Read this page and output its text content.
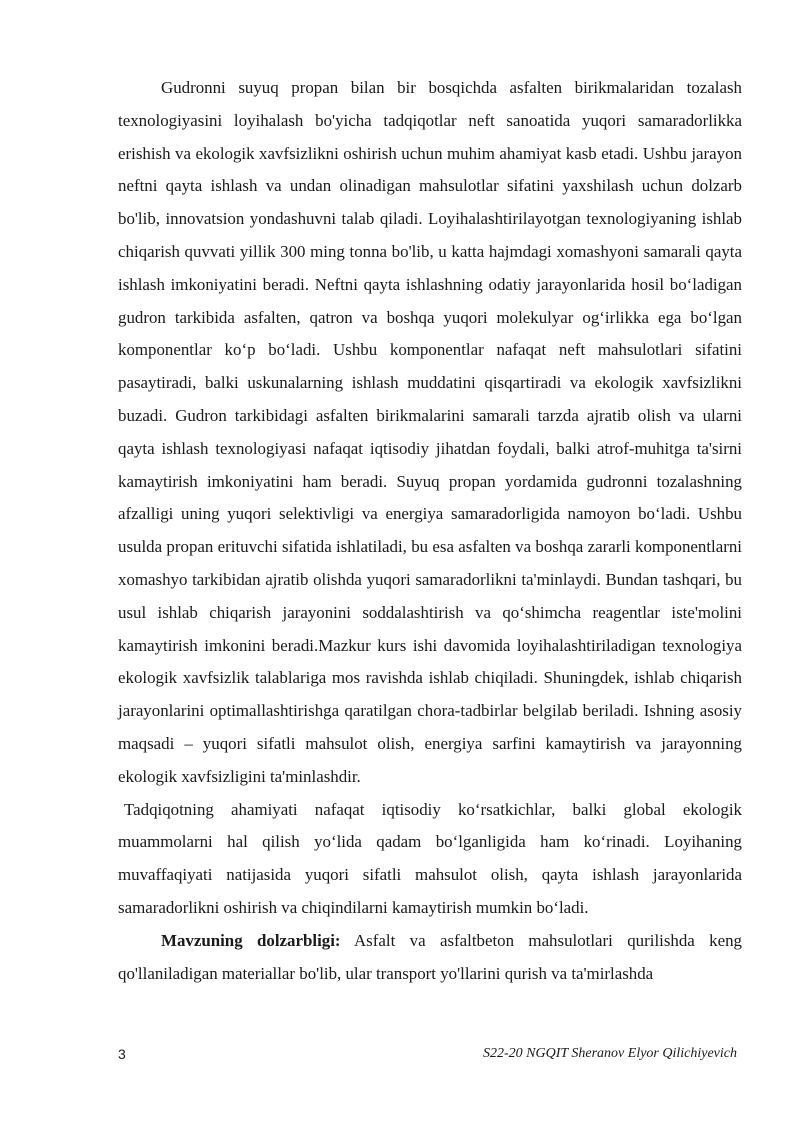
Gudronni suyuq propan bilan bir bosqichda asfalten birikmalaridan tozalash texnologiyasini loyihalash bo'yicha tadqiqotlar neft sanoatida yuqori samaradorlikka erishish va ekologik xavfsizlikni oshirish uchun muhim ahamiyat kasb etadi. Ushbu jarayon neftni qayta ishlash va undan olinadigan mahsulotlar sifatini yaxshilash uchun dolzarb bo'lib, innovatsion yondashuvni talab qiladi. Loyihalashtirilayotgan texnologiyaning ishlab chiqarish quvvati yillik 300 ming tonna bo'lib, u katta hajmdagi xomashyoni samarali qayta ishlash imkoniyatini beradi. Neftni qayta ishlashning odatiy jarayonlarida hosil bo‘ladigan gudron tarkibida asfalten, qatron va boshqa yuqori molekulyar og‘irlikka ega bo‘lgan komponentlar ko‘p bo‘ladi. Ushbu komponentlar nafaqat neft mahsulotlari sifatini pasaytiradi, balki uskunalarning ishlash muddatini qisqartiradi va ekologik xavfsizlikni buzadi. Gudron tarkibidagi asfalten birikmalarini samarali tarzda ajratib olish va ularni qayta ishlash texnologiyasi nafaqat iqtisodiy jihatdan foydali, balki atrof-muhitga ta'sirni kamaytirish imkoniyatini ham beradi. Suyuq propan yordamida gudronni tozalashning afzalligi uning yuqori selektivligi va energiya samaradorligida namoyon bo‘ladi. Ushbu usulda propan erituvchi sifatida ishlatiladi, bu esa asfalten va boshqa zararli komponentlarni xomashyo tarkibidan ajratib olishda yuqori samaradorlikni ta'minlaydi. Bundan tashqari, bu usul ishlab chiqarish jarayonini soddalashtirish va qo‘shimcha reagentlar iste'molini kamaytirish imkonini beradi.Mazkur kurs ishi davomida loyihalashtiriladigan texnologiya ekologik xavfsizlik talablariga mos ravishda ishlab chiqiladi. Shuningdek, ishlab chiqarish jarayonlarini optimallashtirishga qaratilgan chora-tadbirlar belgilab beriladi. Ishning asosiy maqsadi – yuqori sifatli mahsulot olish, energiya sarfini kamaytirish va jarayonning ekologik xavfsizligini ta'minlashdir.

Tadqiqotning ahamiyati nafaqat iqtisodiy ko‘rsatkichlar, balki global ekologik muammolarni hal qilish yo‘lida qadam bo‘lganligida ham ko‘rinadi. Loyihaning muvaffaqiyati natijasida yuqori sifatli mahsulot olish, qayta ishlash jarayonlarida samaradorlikni oshirish va chiqindilarni kamaytirish mumkin bo‘ladi.

Mavzuning dolzarbligi: Asfalt va asfaltbeton mahsulotlari qurilishda keng qo'llaniladigan materiallar bo'lib, ular transport yo'llarini qurish va ta'mirlashda

3	S22-20 NGQIT Sheranov Elyor Qilichiyevich
